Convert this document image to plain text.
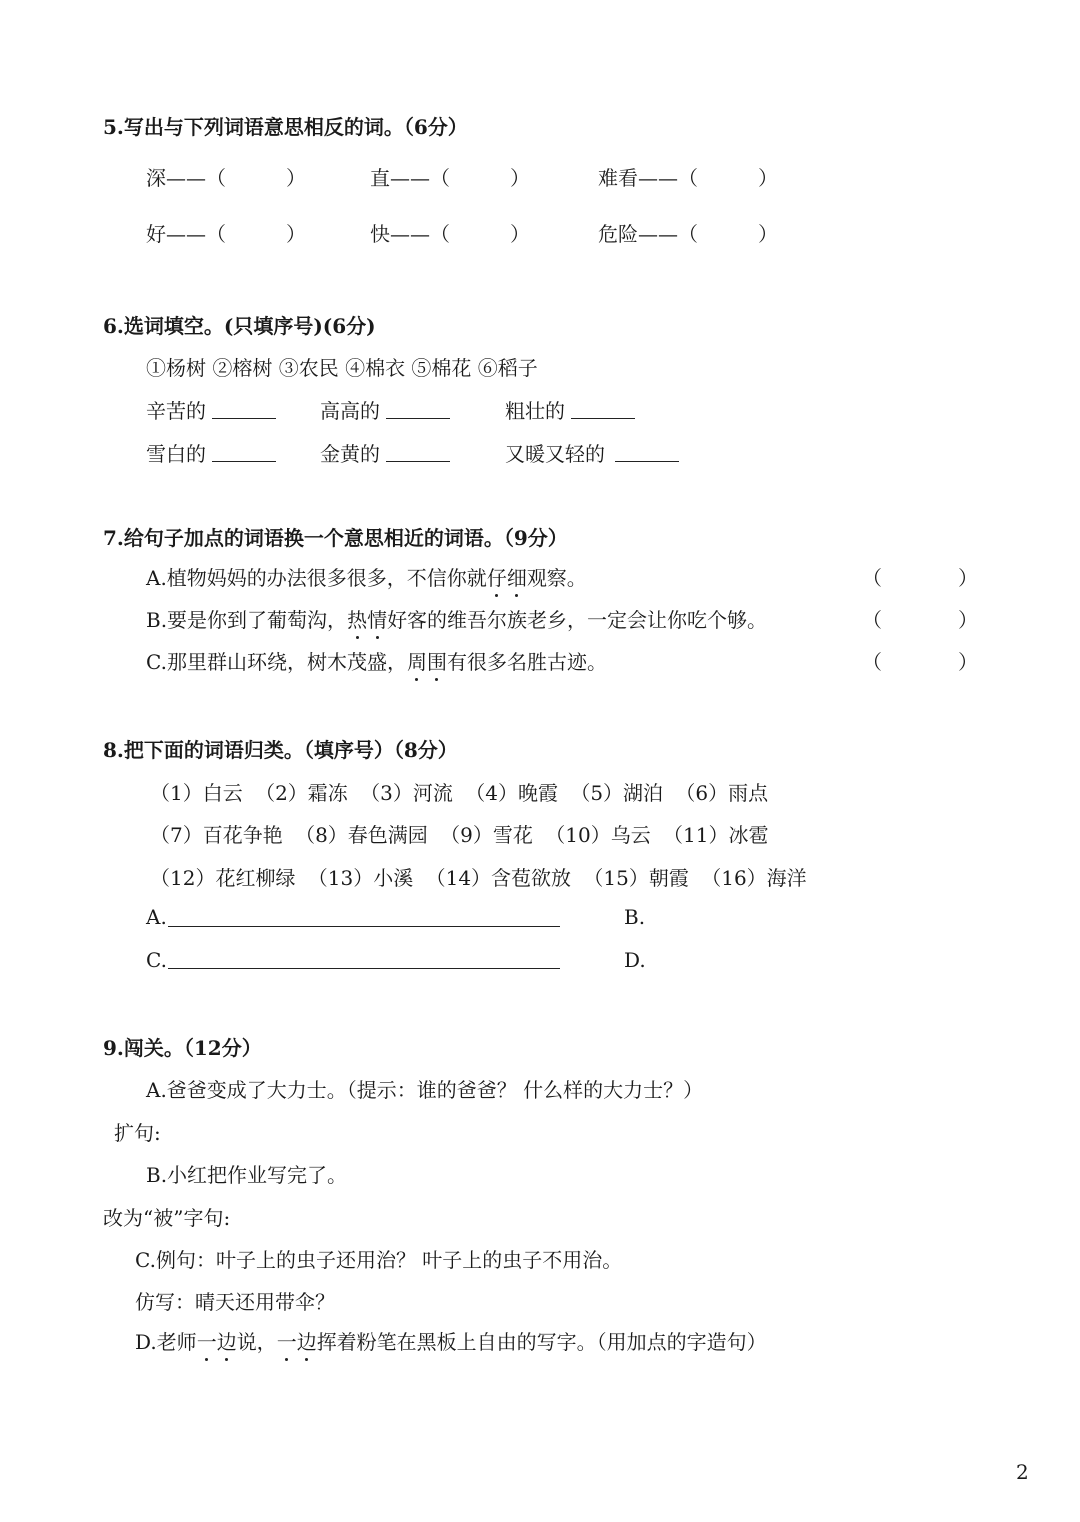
5.写出与下列词语意思相反的词。（6分）
深——（　　　）	直——（　　　）	难看——（　　　）
好——（　　　）	快——（　　　）	危险——（　　　）
6.选词填空。(只填序号)(6分)
①杨树 ②榕树 ③农民 ④棉衣 ⑤棉花 ⑥稻子
辛苦的	高高的	粗壮的
雪白的	金黄的	又暖又轻的
7.给句子加点的词语换一个意思相近的词语。（9分）
A.植物妈妈的办法很多很多，不信你就仔细观察。	（	）
B.要是你到了葡萄沟，热情好客的维吾尔族老乡，一定会让你吃个够。	（	）
C.那里群山环绕，树木茂盛，周围有很多名胜古迹。	（	）
8.把下面的词语归类。（填序号）（8分）
（1）白云 （2）霜冻 （3）河流 （4）晚霞 （5）湖泊 （6）雨点
（7）百花争艳 （8）春色满园 （9）雪花 （10）乌云 （11）冰雹
（12）花红柳绿 （13）小溪 （14）含苞欲放 （15）朝霞 （16）海洋
A.	B.
C.	D.
9.闯关。（12分）
A.爸爸变成了大力士。（提示：谁的爸爸？ 什么样的大力士？）
扩句:
B.小红把作业写完了。
改为“被”字句:
C.例句：叶子上的虫子还用治？ 叶子上的虫子不用治。
仿写：晴天还用带伞？
D.老师一边说，一边挥着粉笔在黑板上自由的写字。（用加点的字造句）
2
